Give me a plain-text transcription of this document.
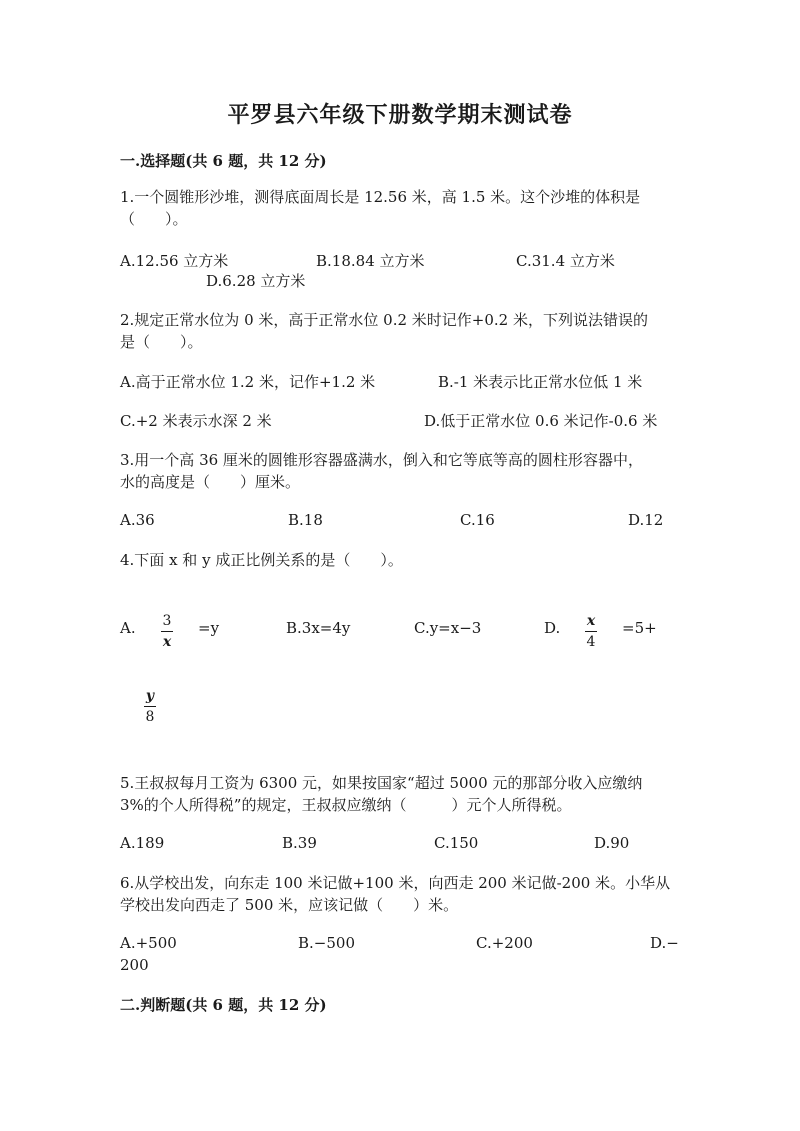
平罗县六年级下册数学期末测试卷
一.选择题(共 6 题，共 12 分)
1.一个圆锥形沙堆，测得底面周长是 12.56 米，高 1.5 米。这个沙堆的体积是
（　　）。
A.12.56 立方米	B.18.84 立方米	C.31.4 立方米
D.6.28 立方米
2.规定正常水位为 0 米，高于正常水位 0.2 米时记作+0.2 米，下列说法错误的
是（　　）。
A.高于正常水位 1.2 米，记作+1.2 米	B.-1 米表示比正常水位低 1 米
C.+2 米表示水深 2 米	D.低于正常水位 0.6 米记作-0.6 米
3.用一个高 36 厘米的圆锥形容器盛满水，倒入和它等底等高的圆柱形容器中，
水的高度是（　　）厘米。
A.36	B.18	C.16	D.12
4.下面 x 和 y 成正比例关系的是（　　）。
A. 3
x
=y	B.3x=4y	C.y=x−3	D. x
4
=5+
y
8
5.王叔叔每月工资为 6300 元，如果按国家“超过 5000 元的那部分收入应缴纳
3%的个人所得税”的规定，王叔叔应缴纳（　　　）元个人所得税。
A.189	B.39	C.150	D.90
6.从学校出发，向东走 100 米记做+100 米，向西走 200 米记做-200 米。小华从
学校出发向西走了 500 米，应该记做（　　）米。
A.+500	B.−500	C.+200	D.−
200
二.判断题(共 6 题，共 12 分)
